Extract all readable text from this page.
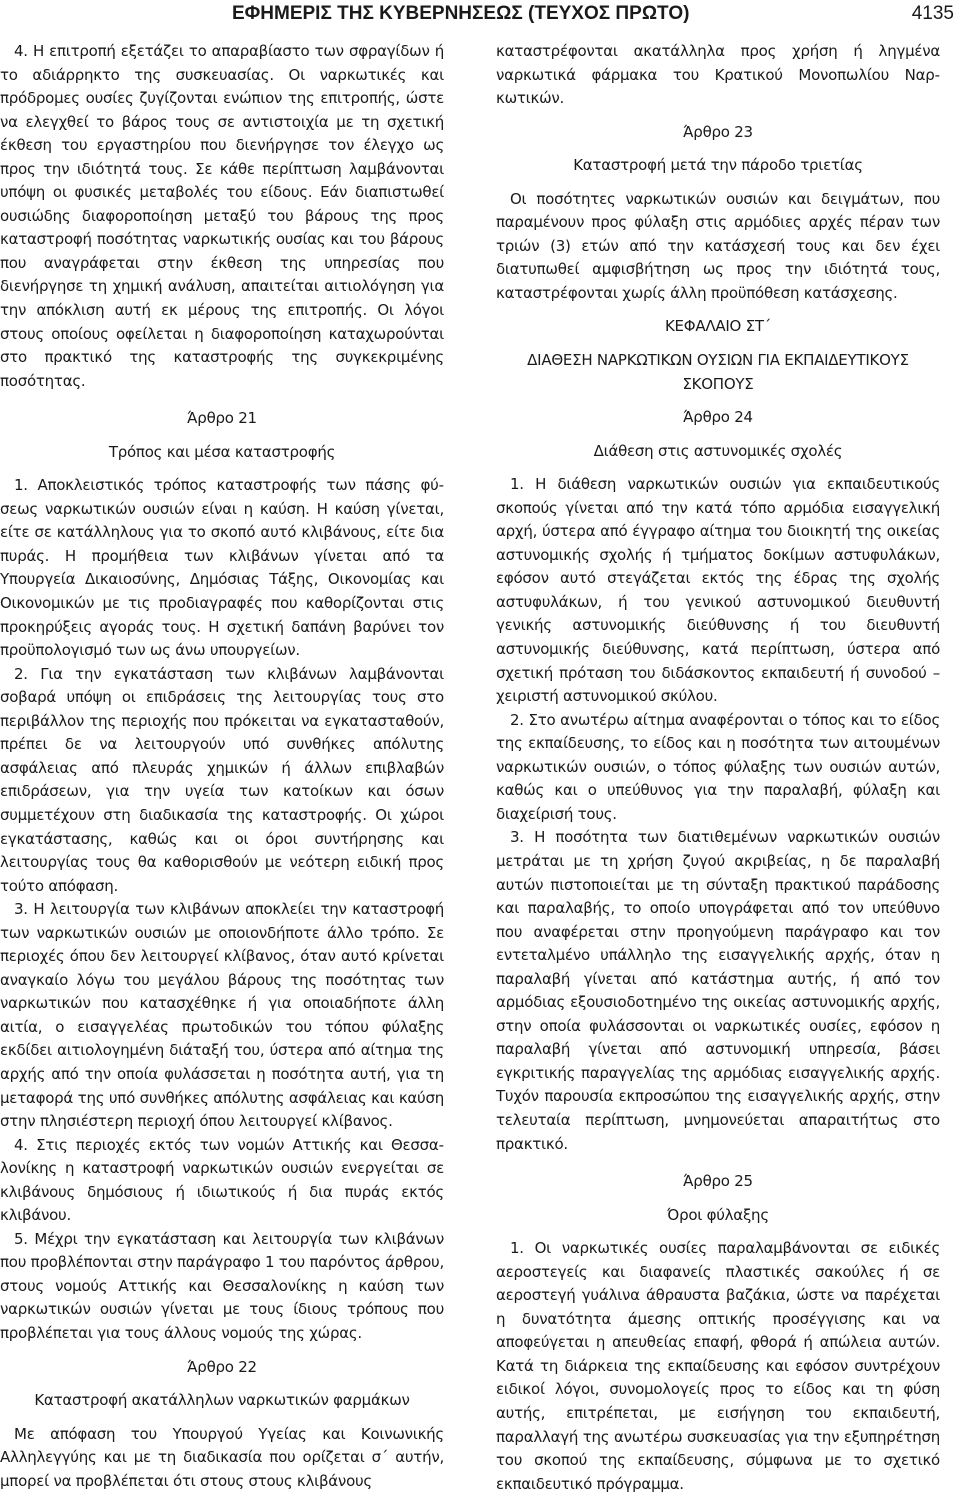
ΕΦΗΜΕΡΙΣ ΤΗΣ ΚΥΒΕΡΝΗΣΕΩΣ (ΤΕΥΧΟΣ ΠΡΩΤΟ)	4135

4. Η επιτροπή εξετάζει το απαραβίαστο των σφραγίδων ή το αδιάρρηκτο της συσκευασίας. Οι ναρκωτικές και πρόδρομες ουσίες ζυγίζονται ενώπιον της επιτροπής, ώστε να ελεγχθεί το βάρος τους σε αντιστοιχία με τη σχετική έκθεση του εργαστηρίου που διενήργησε τον έλεγχο ως προς την ιδιότητά τους. Σε κάθε περίπτωση λαμβάνονται υπόψη οι φυσικές μεταβολές του είδους. Εάν διαπιστωθεί ουσιώδης διαφοροποίηση μεταξύ του βάρους της προς καταστροφή ποσότητας ναρκωτικής ουσίας και του βάρους που αναγράφεται στην έκθεση της υπηρεσίας που διενήργησε τη χημική ανάλυση, απαιτείται αιτιολόγηση για την απόκλιση αυτή εκ μέρους της επιτροπής. Οι λόγοι στους οποίους οφείλεται η διαφοροποίηση καταχωρούνται στο πρακτικό της καταστροφής της συγκεκριμένης ποσότητας.

Άρθρο 21

Τρόπος και μέσα καταστροφής

1. Αποκλειστικός τρόπος καταστροφής των πάσης φύσεως ναρκωτικών ουσιών είναι η καύση. Η καύση γίνεται, είτε σε κατάλληλους για το σκοπό αυτό κλιβάνους, είτε δια πυράς. Η προμήθεια των κλιβάνων γίνεται από τα Υπουργεία Δικαιοσύνης, Δημόσιας Τάξης, Οικονομίας και Οικονομικών με τις προδιαγραφές που καθορίζονται στις προκηρύξεις αγοράς τους. Η σχετική δαπάνη βαρύνει τον προϋπολογισμό των ως άνω υπουργείων.

2. Για την εγκατάσταση των κλιβάνων λαμβάνονται σοβαρά υπόψη οι επιδράσεις της λειτουργίας τους στο περιβάλλον της περιοχής που πρόκειται να εγκατασταθούν, πρέπει δε να λειτουργούν υπό συνθήκες απόλυτης ασφάλειας από πλευράς χημικών ή άλλων επιβλαβών επιδράσεων, για την υγεία των κατοίκων και όσων συμμετέχουν στη διαδικασία της καταστροφής. Οι χώροι εγκατάστασης, καθώς και οι όροι συντήρησης και λειτουργίας τους θα καθορισθούν με νεότερη ειδική προς τούτο απόφαση.

3. Η λειτουργία των κλιβάνων αποκλείει την καταστροφή των ναρκωτικών ουσιών με οποιονδήποτε άλλο τρόπο. Σε περιοχές όπου δεν λειτουργεί κλίβανος, όταν αυτό κρίνεται αναγκαίο λόγω του μεγάλου βάρους της ποσότητας των ναρκωτικών που κατασχέθηκε ή για οποιαδήποτε άλλη αιτία, ο εισαγγελέας πρωτοδικών του τόπου φύλαξης εκδίδει αιτιολογημένη διάταξή του, ύστερα από αίτημα της αρχής από την οποία φυλάσσεται η ποσότητα αυτή, για τη μεταφορά της υπό συνθήκες απόλυτης ασφάλειας και καύση στην πλησιέστερη περιοχή όπου λειτουργεί κλίβανος.

4. Στις περιοχές εκτός των νομών Αττικής και Θεσσαλονίκης η καταστροφή ναρκωτικών ουσιών ενεργείται σε κλιβάνους δημόσιους ή ιδιωτικούς ή δια πυράς εκτός κλιβάνου.

5. Μέχρι την εγκατάσταση και λειτουργία των κλιβάνων που προβλέπονται στην παράγραφο 1 του παρόντος άρθρου, στους νομούς Αττικής και Θεσσαλονίκης η καύση των ναρκωτικών ουσιών γίνεται με τους ίδιους τρόπους που προβλέπεται για τους άλλους νομούς της χώρας.

Άρθρο 22

Καταστροφή ακατάλληλων ναρκωτικών φαρμάκων

Με απόφαση του Υπουργού Υγείας και Κοινωνικής Αλληλεγγύης και με τη διαδικασία που ορίζεται σ΄ αυτήν, μπορεί να προβλέπεται ότι στους στους κλιβάνους

καταστρέφονται ακατάλληλα προς χρήση ή ληγμένα ναρκωτικά φάρμακα του Κρατικού Μονοπωλίου Ναρκωτικών.

Άρθρο 23

Καταστροφή μετά την πάροδο τριετίας

Οι ποσότητες ναρκωτικών ουσιών και δειγμάτων, που παραμένουν προς φύλαξη στις αρμόδιες αρχές πέραν των τριών (3) ετών από την κατάσχεσή τους και δεν έχει διατυπωθεί αμφισβήτηση ως προς την ιδιότητά τους, καταστρέφονται χωρίς άλλη προϋπόθεση κατάσχεσης.

ΚΕΦΑΛΑΙΟ ΣΤ΄

ΔΙΑΘΕΣΗ ΝΑΡΚΩΤΙΚΩΝ ΟΥΣΙΩΝ ΓΙΑ ΕΚΠΑΙΔΕΥΤΙΚΟΥΣ ΣΚΟΠΟΥΣ

Άρθρο 24

Διάθεση στις αστυνομικές σχολές

1. Η διάθεση ναρκωτικών ουσιών για εκπαιδευτικούς σκοπούς γίνεται από την κατά τόπο αρμόδια εισαγγελική αρχή, ύστερα από έγγραφο αίτημα του διοικητή της οικείας αστυνομικής σχολής ή τμήματος δοκίμων αστυφυλάκων, εφόσον αυτό στεγάζεται εκτός της έδρας της σχολής αστυφυλάκων, ή του γενικού αστυνομικού διευθυντή γενικής αστυνομικής διεύθυνσης ή του διευθυντή αστυνομικής διεύθυνσης, κατά περίπτωση, ύστερα από σχετική πρόταση του διδάσκοντος εκπαιδευτή ή συνοδού – χειριστή αστυνομικού σκύλου.

2. Στο ανωτέρω αίτημα αναφέρονται ο τόπος και το είδος της εκπαίδευσης, το είδος και η ποσότητα των αιτουμένων ναρκωτικών ουσιών, ο τόπος φύλαξης των ουσιών αυτών, καθώς και ο υπεύθυνος για την παραλαβή, φύλαξη και διαχείρισή τους.

3. Η ποσότητα των διατιθεμένων ναρκωτικών ουσιών μετράται με τη χρήση ζυγού ακριβείας, η δε παραλαβή αυτών πιστοποιείται με τη σύνταξη πρακτικού παράδοσης και παραλαβής, το οποίο υπογράφεται από τον υπεύθυνο που αναφέρεται στην προηγούμενη παράγραφο και τον εντεταλμένο υπάλληλο της εισαγγελικής αρχής, όταν η παραλαβή γίνεται από κατάστημα αυτής, ή από τον αρμόδιας εξουσιοδοτημένο της οικείας αστυνομικής αρχής, στην οποία φυλάσσονται οι ναρκωτικές ουσίες, εφόσον η παραλαβή γίνεται από αστυνομική υπηρεσία, βάσει εγκριτικής παραγγελίας της αρμόδιας εισαγγελικής αρχής. Τυχόν παρουσία εκπροσώπου της εισαγγελικής αρχής, στην τελευταία περίπτωση, μνημονεύεται απαραιτήτως στο πρακτικό.

Άρθρο 25

Όροι φύλαξης

1. Οι ναρκωτικές ουσίες παραλαμβάνονται σε ειδικές αεροστεγείς και διαφανείς πλαστικές σακούλες ή σε αεροστεγή γυάλινα άθραυστα βαζάκια, ώστε να παρέχεται η δυνατότητα άμεσης οπτικής προσέγγισης και να αποφεύγεται η απευθείας επαφή, φθορά ή απώλεια αυτών. Κατά τη διάρκεια της εκπαίδευσης και εφόσον συντρέχουν ειδικοί λόγοι, συνομολογείς προς το είδος και τη φύση αυτής, επιτρέπεται, με εισήγηση του εκπαιδευτή, παραλλαγή της ανωτέρω συσκευασίας για την εξυπηρέτηση του σκοπού της εκπαίδευσης, σύμφωνα με το σχετικό εκπαιδευτικό πρόγραμμα.
